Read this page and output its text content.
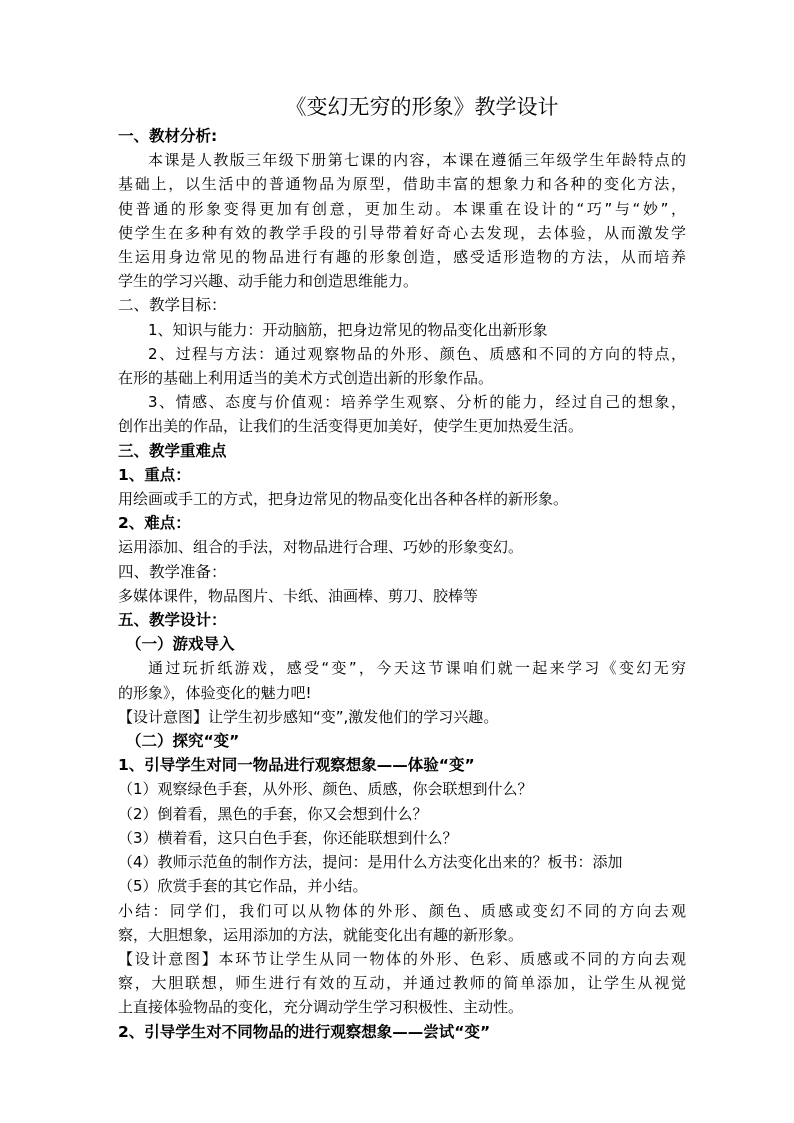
《变幻无穷的形象》教学设计
一、教材分析:
本课是人教版三年级下册第七课的内容，本课在遵循三年级学生年龄特点的
基础上，以生活中的普通物品为原型，借助丰富的想象力和各种的变化方法，
使普通的形象变得更加有创意，更加生动。本课重在设计的“巧”与“妙”，
使学生在多种有效的教学手段的引导带着好奇心去发现，去体验，从而激发学
生运用身边常见的物品进行有趣的形象创造，感受适形造物的方法，从而培养
学生的学习兴趣、动手能力和创造思维能力。
二、教学目标：
1、知识与能力：开动脑筋，把身边常见的物品变化出新形象
2、过程与方法：通过观察物品的外形、颜色、质感和不同的方向的特点，
在形的基础上利用适当的美术方式创造出新的形象作品。
3、情感、态度与价值观：培养学生观察、分析的能力，经过自己的想象，
创作出美的作品，让我们的生活变得更加美好，使学生更加热爱生活。
三、教学重难点
1、重点：
用绘画或手工的方式，把身边常见的物品变化出各种各样的新形象。
2、难点：
运用添加、组合的手法，对物品进行合理、巧妙的形象变幻。
四、教学准备：
多媒体课件，物品图片、卡纸、油画棒、剪刀、胶棒等
五、教学设计：
（一）游戏导入
通过玩折纸游戏，感受“变”，今天这节课咱们就一起来学习《变幻无穷
的形象》，体验变化的魅力吧!
【设计意图】让学生初步感知“变”,激发他们的学习兴趣。
（二）探究“变”
1、引导学生对同一物品进行观察想象——体验“变”
（1）观察绿色手套，从外形、颜色、质感，你会联想到什么？
（2）倒着看，黑色的手套，你又会想到什么？
（3）横着看，这只白色手套，你还能联想到什么？
（4）教师示范鱼的制作方法，提问：是用什么方法变化出来的？板书：添加
（5）欣赏手套的其它作品，并小结。
小结：同学们，我们可以从物体的外形、颜色、质感或变幻不同的方向去观
察，大胆想象，运用添加的方法，就能变化出有趣的新形象。
【设计意图】本环节让学生从同一物体的外形、色彩、质感或不同的方向去观
察，大胆联想，师生进行有效的互动，并通过教师的简单添加，让学生从视觉
上直接体验物品的变化，充分调动学生学习积极性、主动性。
2、引导学生对不同物品的进行观察想象——尝试“变”
